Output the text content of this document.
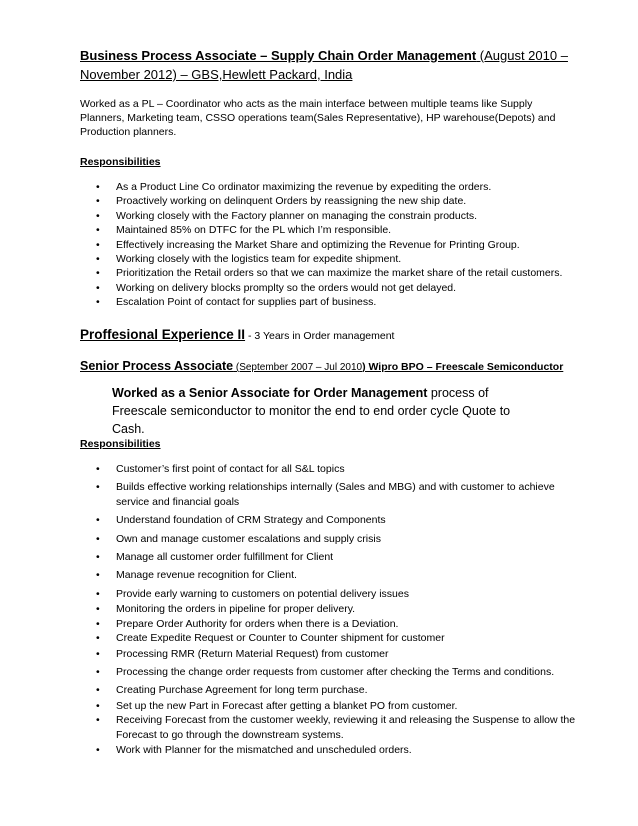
Business Process Associate – Supply Chain Order Management (August 2010 –
November 2012) – GBS,Hewlett Packard, India
Worked as a PL – Coordinator who acts as the main interface between multiple teams like Supply Planners, Marketing team, CSSO operations team(Sales Representative), HP warehouse(Depots) and Production planners.
Responsibilities
• As a Product Line Co ordinator maximizing the revenue by expediting the orders.
• Proactively working on delinquent Orders by reassigning the new ship date.
• Working closely with the Factory planner on managing the constrain products.
• Maintained 85% on DTFC for the PL which I’m responsible.
• Effectively increasing the Market Share and optimizing the Revenue for Printing Group.
• Working closely with the logistics team for expedite shipment.
• Prioritization the Retail orders so that we can maximize the market share of the retail customers.
• Working on delivery blocks promplty so the orders would not get delayed.
• Escalation Point of contact for supplies part of business.
Proffesional Experience II - 3 Years in Order management
Senior Process Associate (September 2007 – Jul 2010) Wipro BPO – Freescale Semiconductor
Worked as a Senior Associate for Order Management process of Freescale semiconductor to monitor the end to end order cycle Quote to Cash.
Responsibilities
• Customer’s first point of contact for all S&L topics
• Builds effective working relationships internally (Sales and MBG) and with customer to achieve service and financial goals
• Understand foundation of CRM Strategy and Components
• Own and manage customer escalations and supply crisis
• Manage all customer order fulfillment for Client
• Manage revenue recognition for Client.
• Provide early warning to customers on potential delivery issues
• Monitoring the orders in pipeline for proper delivery.
• Prepare Order Authority for orders when there is a Deviation.
• Create Expedite Request or Counter to Counter shipment for customer
• Processing RMR (Return Material Request) from customer
• Processing the change order requests from customer after checking the Terms and conditions.
• Creating Purchase Agreement for long term purchase.
• Set up the new Part in Forecast after getting a blanket PO from customer.
• Receiving Forecast from the customer weekly, reviewing it and releasing the Suspense to allow the Forecast to go through the downstream systems.
• Work with Planner for the mismatched and unscheduled orders.
